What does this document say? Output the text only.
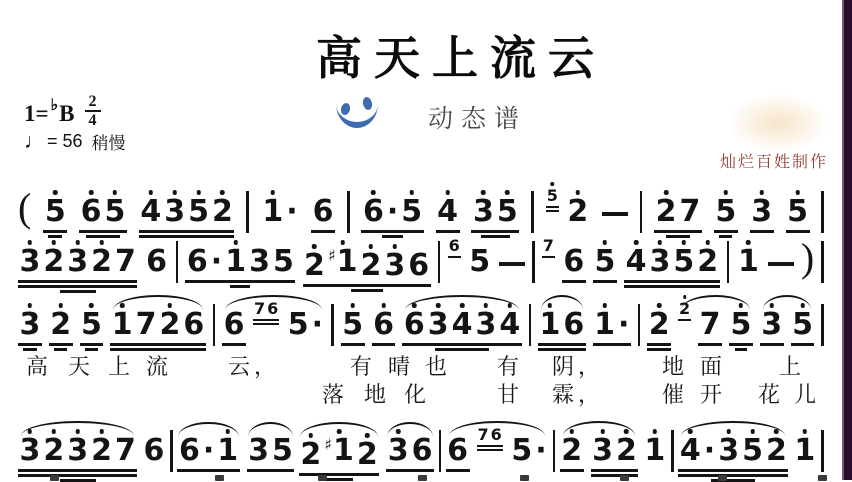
高天上流云
1= ♭ B $\frac{2}{4}$
♩ = 56 稍慢
动态谱
灿烂百姓制作
( 5 6 5 4 3 5 2 1 · 6 6 · 5 4 3 5 5 2 2 7 5 3 5
3 2 3 2 7 6 6 · 1 3 5 2 ♯1 2 3 6
6 5	7 6 5 4 3 5 2 1 )
3 2 5 1 7 2 6 6 7 6 5 · 5 6 6 3 4 3 4 1 6 1 · 2 2 7 5 3 5
3 2 3 2 7 6 6 · 1 3 5 2 ♯1 2 3 6 6 7 6 5 · 2 3 2 1 4 · 3 5 2 1
高 天 上 流	云，	有 晴 也 有 阴，	地 面 上
落 地 化	甘 霖，	催 开 花 儿
